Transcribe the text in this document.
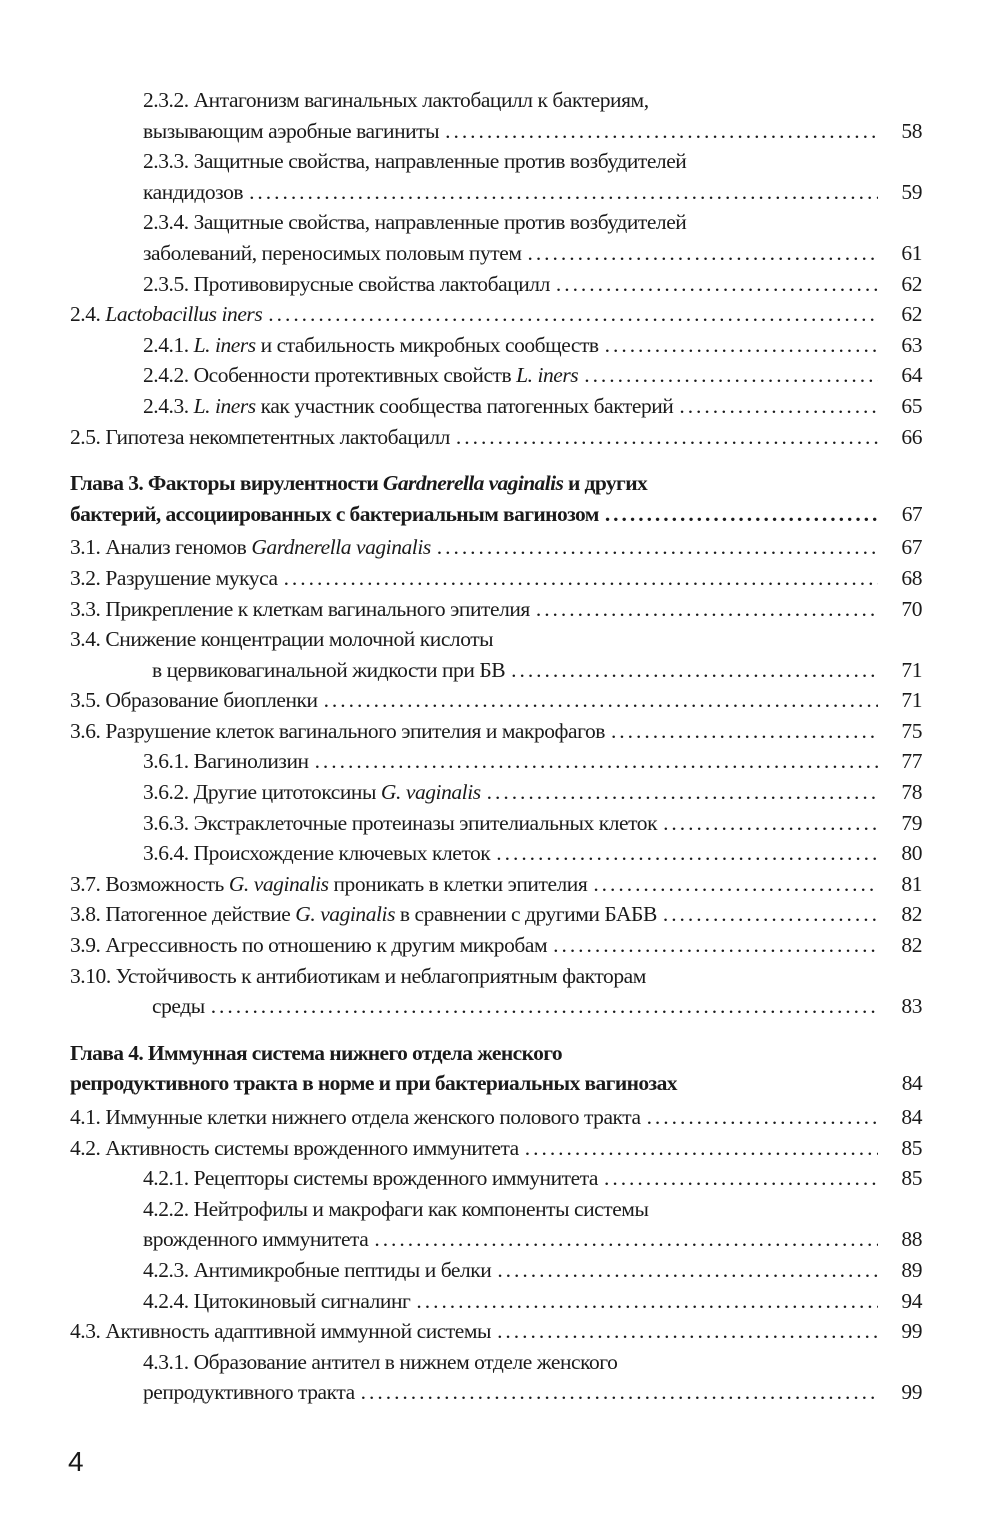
2.3.2. Антагонизм вагинальных лактобацилл к бактериям,
вызывающим аэробные вагиниты . . .	58
2.3.3. Защитные свойства, направленные против возбудителей
кандидозов . . .	59
2.3.4. Защитные свойства, направленные против возбудителей
заболеваний, переносимых половым путем . . .	61
2.3.5. Противовирусные свойства лактобацилл . . .	62
2.4. Lactobacillus iners . . .	62
2.4.1. L. iners и стабильность микробных сообществ . . .	63
2.4.2. Особенности протективных свойств L. iners . . .	64
2.4.3. L. iners как участник сообщества патогенных бактерий . . .	65
2.5. Гипотеза некомпетентных лактобацилл . . .	66
Глава 3. Факторы вирулентности Gardnerella vaginalis и других
бактерий, ассоциированных с бактериальным вагинозом . . .	67
3.1. Анализ геномов Gardnerella vaginalis . . .	67
3.2. Разрушение мукуса . . .	68
3.3. Прикрепление к клеткам вагинального эпителия . . .	70
3.4. Снижение концентрации молочной кислоты
в цервиковагинальной жидкости при БВ . . .	71
3.5. Образование биопленки . . .	71
3.6. Разрушение клеток вагинального эпителия и макрофагов . . .	75
3.6.1. Вагинолизин . . .	77
3.6.2. Другие цитотоксины G. vaginalis . . .	78
3.6.3. Экстраклеточные протеиназы эпителиальных клеток . . .	79
3.6.4. Происхождение ключевых клеток . . .	80
3.7. Возможность G. vaginalis проникать в клетки эпителия . . .	81
3.8. Патогенное действие G. vaginalis в сравнении с другими БАБВ . . .	82
3.9. Агрессивность по отношению к другим микробам . . .	82
3.10. Устойчивость к антибиотикам и неблагоприятным факторам
среды . . .	83
Глава 4. Иммунная система нижнего отдела женского
репродуктивного тракта в норме и при бактериальных вагинозах	84
4.1. Иммунные клетки нижнего отдела женского полового тракта . . .	84
4.2. Активность системы врожденного иммунитета . . .	85
4.2.1. Рецепторы системы врожденного иммунитета . . .	85
4.2.2. Нейтрофилы и макрофаги как компоненты системы
врожденного иммунитета . . .	88
4.2.3. Антимикробные пептиды и белки . . .	89
4.2.4. Цитокиновый сигналинг . . .	94
4.3. Активность адаптивной иммунной системы . . .	99
4.3.1. Образование антител в нижнем отделе женского
репродуктивного тракта . . .	99
4
